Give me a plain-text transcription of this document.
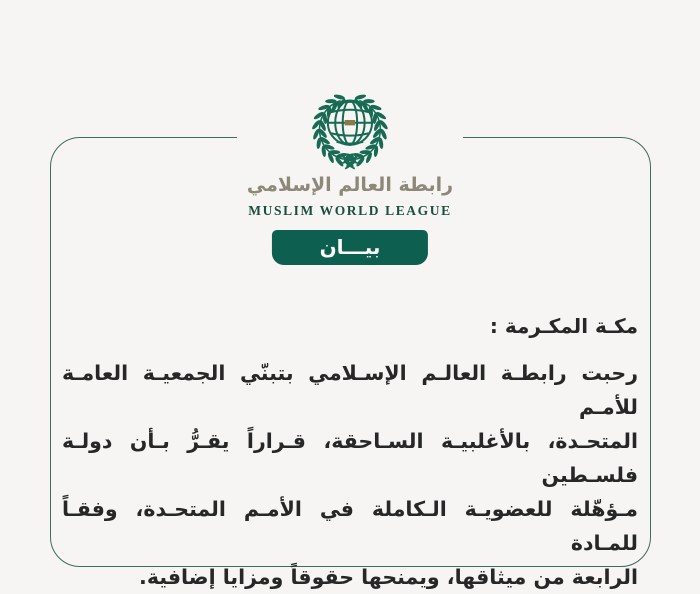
رابطة العالم الإسلامي
MUSLIM WORLD LEAGUE
بيـــان
مكـة المكـرمة :
رحبت رابطـة العالـم الإسـلامي بتبنّي الجمعيـة العامـة للأمـم
المتحـدة، بالأغلبيـة السـاحقة، قـراراً يقـرُّ بـأن دولـة فلسـطين
مـؤهّلة للعضويـة الـكاملة في الأمـم المتحـدة، وفقـاً للمـادة
الرابعة من ميثاقها، ويمنحها حقوقاً ومزايا إضافية.
